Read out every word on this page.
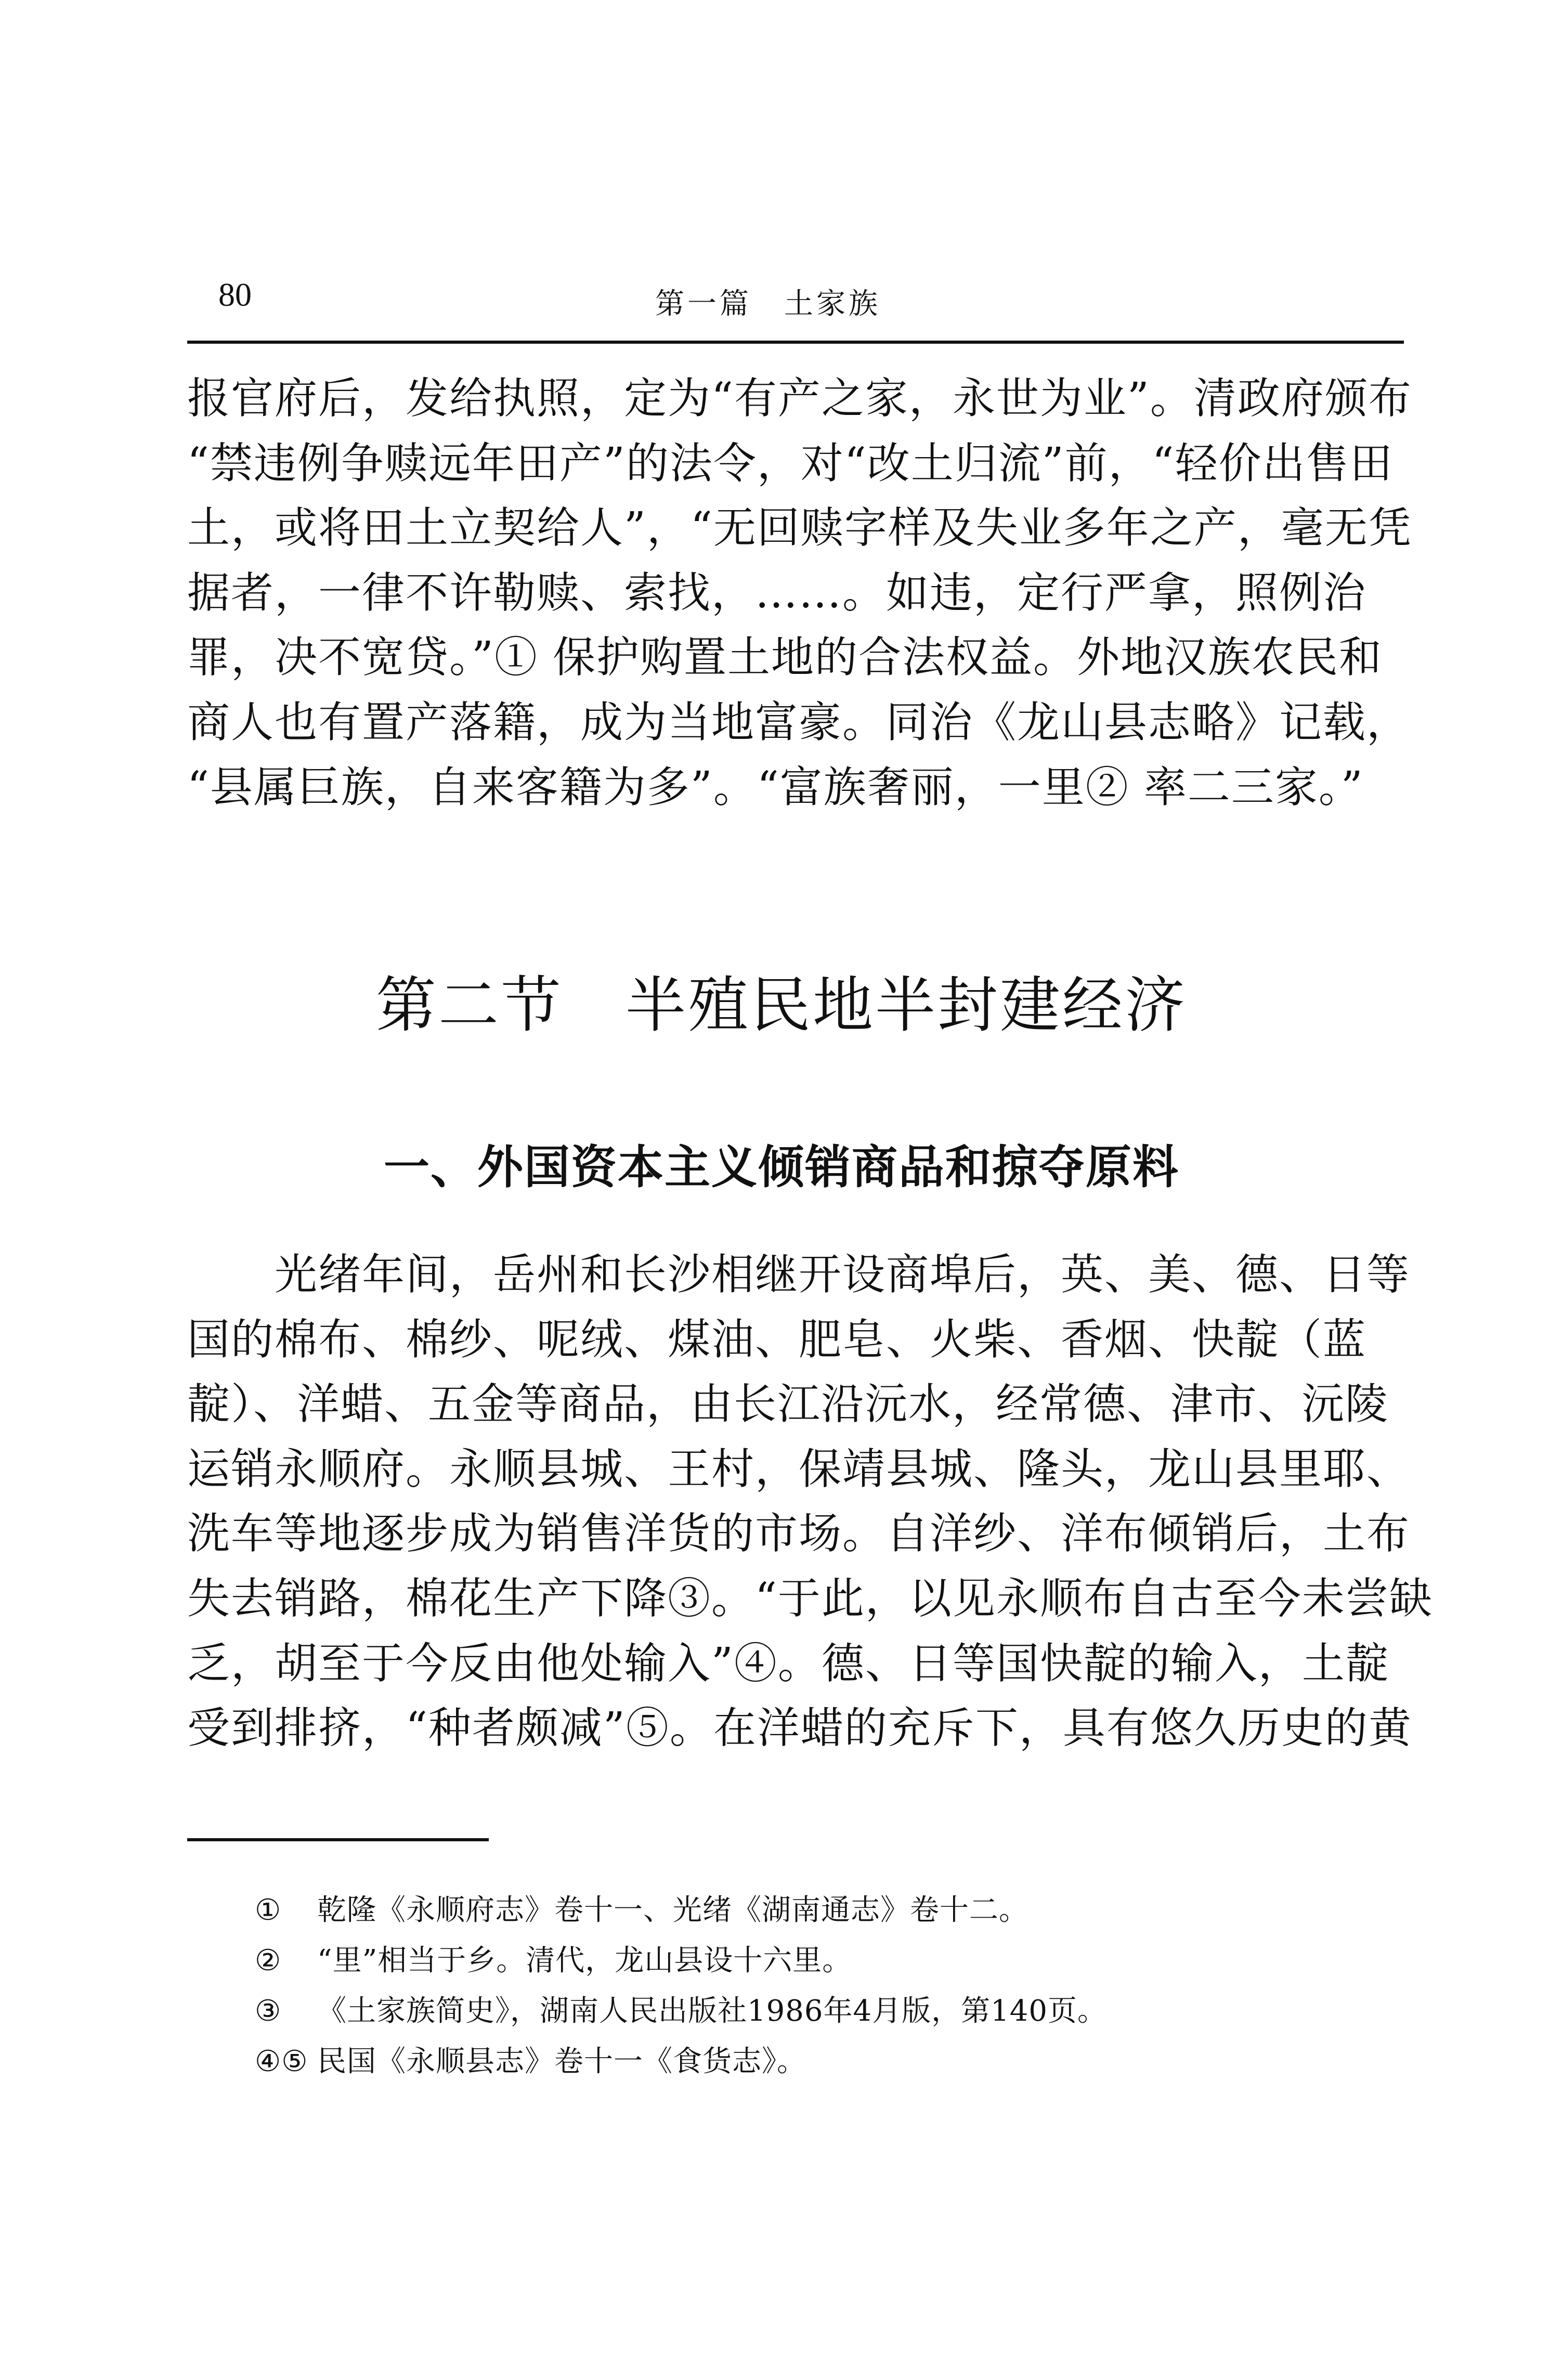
80	第一篇　土家族
报官府后，发给执照，定为“有产之家，永世为业”。清政府颁布
“禁违例争赎远年田产”的法令，对“改土归流”前，“轻价出售田
土，或将田土立契给人”，“无回赎字样及失业多年之产，毫无凭
据者，一律不许勒赎、索找，……。如违，定行严拿，照例治
罪，决不宽贷。”① 保护购置土地的合法权益。外地汉族农民和
商人也有置产落籍，成为当地富豪。同治《龙山县志略》记载，
“县属巨族，自来客籍为多”。“富族奢丽，一里② 率二三家。”
第二节　半殖民地半封建经济
一、外国资本主义倾销商品和掠夺原料
　　光绪年间，岳州和长沙相继开设商埠后，英、美、德、日等
国的棉布、棉纱、呢绒、煤油、肥皂、火柴、香烟、快靛（蓝
靛）、洋蜡、五金等商品，由长江沿沅水，经常德、津市、沅陵
运销永顺府。永顺县城、王村，保靖县城、隆头，龙山县里耶、
洗车等地逐步成为销售洋货的市场。自洋纱、洋布倾销后，土布
失去销路，棉花生产下降③。“于此，以见永顺布自古至今未尝缺
乏，胡至于今反由他处输入”④。德、日等国快靛的输入，土靛
受到排挤，“种者颇减”⑤。在洋蜡的充斥下，具有悠久历史的黄
① 乾隆《永顺府志》卷十一、光绪《湖南通志》卷十二。
② “里”相当于乡。清代，龙山县设十六里。
③ 《土家族简史》，湖南人民出版社1986年4月版，第140页。
④⑤ 民国《永顺县志》卷十一《食货志》。
